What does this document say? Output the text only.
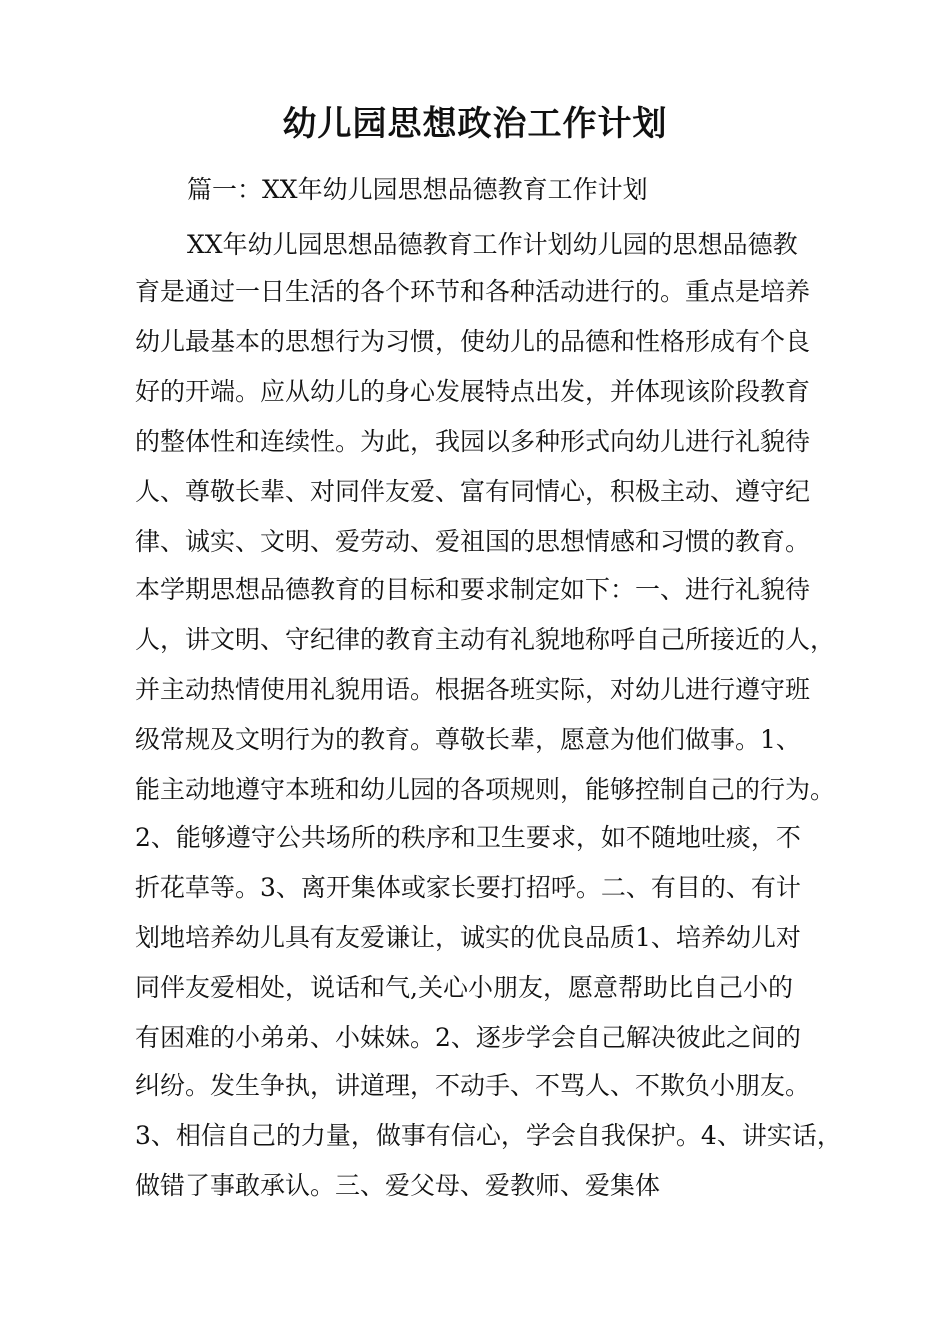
幼儿园思想政治工作计划

篇一：XX年幼儿园思想品德教育工作计划

XX年幼儿园思想品德教育工作计划幼儿园的思想品德教

育是通过一日生活的各个环节和各种活动进行的。重点是培养

幼儿最基本的思想行为习惯，使幼儿的品德和性格形成有个良

好的开端。应从幼儿的身心发展特点出发，并体现该阶段教育

的整体性和连续性。为此，我园以多种形式向幼儿进行礼貌待

人、尊敬长辈、对同伴友爱、富有同情心，积极主动、遵守纪

律、诚实、文明、爱劳动、爱祖国的思想情感和习惯的教育。

本学期思想品德教育的目标和要求制定如下：一、进行礼貌待

人，讲文明、守纪律的教育主动有礼貌地称呼自己所接近的人，

并主动热情使用礼貌用语。根据各班实际，对幼儿进行遵守班

级常规及文明行为的教育。尊敬长辈，愿意为他们做事。1、

能主动地遵守本班和幼儿园的各项规则，能够控制自己的行为。

2、能够遵守公共场所的秩序和卫生要求，如不随地吐痰，不

折花草等。3、离开集体或家长要打招呼。二、有目的、有计

划地培养幼儿具有友爱谦让，诚实的优良品质1、培养幼儿对

同伴友爱相处，说话和气,关心小朋友，愿意帮助比自己小的

有困难的小弟弟、小妹妹。2、逐步学会自己解决彼此之间的

纠纷。发生争执，讲道理，不动手、不骂人、不欺负小朋友。

3、相信自己的力量，做事有信心，学会自我保护。4、讲实话，

做错了事敢承认。三、爱父母、爱教师、爱集体
